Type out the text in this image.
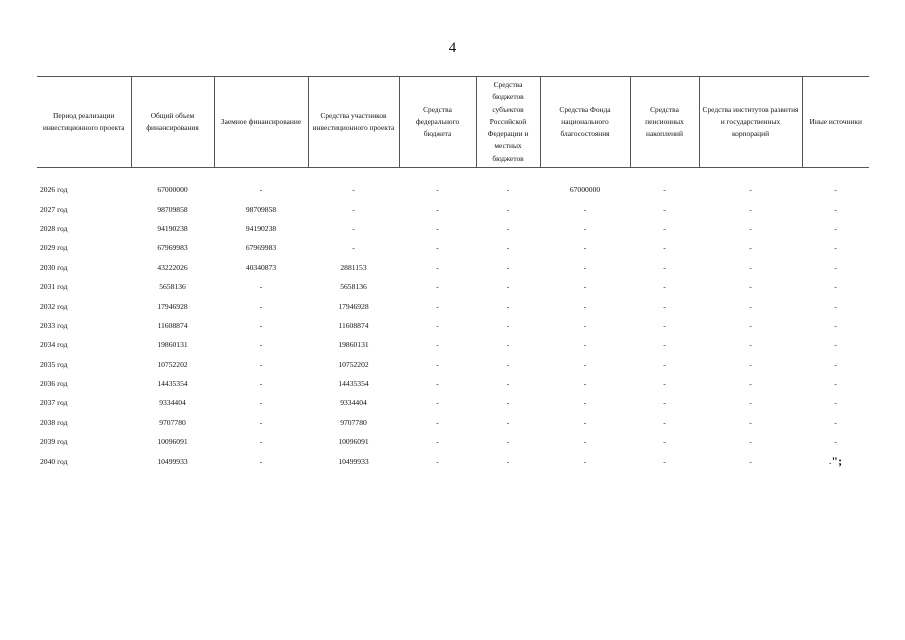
4
Период реализации инвестиционного проекта	Общий объем финансирования	Заемное финансирование	Средства участников инвестиционного проекта	Средства федерального бюджета	Средства бюджетов субъектов Российской Федерации и местных бюджетов	Средства Фонда национального благосостояния	Средства пенсионных накоплений	Средства институтов развития и государственных корпораций	Иные источники
2026 год	67000000	-	-	-	-	67000000	-	-	-
2027 год	98709858	98709858	-	-	-	-	-	-	-
2028 год	94190238	94190238	-	-	-	-	-	-	-
2029 год	67969983	67969983	-	-	-	-	-	-	-
2030 год	43222026	40340873	2881153	-	-	-	-	-	-
2031 год	5658136	-	5658136	-	-	-	-	-	-
2032 год	17946928	-	17946928	-	-	-	-	-	-
2033 год	11608874	-	11608874	-	-	-	-	-	-
2034 год	19860131	-	19860131	-	-	-	-	-	-
2035 год	10752202	-	10752202	-	-	-	-	-	-
2036 год	14435354	-	14435354	-	-	-	-	-	-
2037 год	9334404	-	9334404	-	-	-	-	-	-
2038 год	9707780	-	9707780	-	-	-	-	-	-
2039 год	10096091	-	10096091	-	-	-	-	-	-
2040 год	10499933	-	10499933	-	-	-	-	-	-";
